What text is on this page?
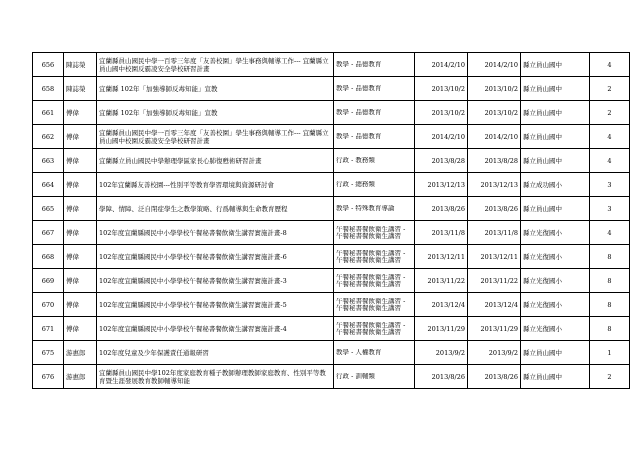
656	陳誌榮	宜蘭縣員山國民中學一百零三年度「友善校園」學生事務與輔導工作--- 宜蘭縣立員山國中校園反霸凌安全學校研習計畫	教學 - 品德教育	2014/2/10	2014/2/10	縣立員山國中	4
658	陳誌榮	宜蘭縣 102年「加強導師反毒知能」宣教	教學 - 品德教育	2013/10/2	2013/10/2	縣立員山國中	2
661	傅偉	宜蘭縣 102年「加強導師反毒知能」宣教	教學 - 品德教育	2013/10/2	2013/10/2	縣立員山國中	2
662	傅偉	宜蘭縣員山國民中學一百零三年度「友善校園」學生事務與輔導工作--- 宜蘭縣立員山國中校園反霸凌安全學校研習計畫	教學 - 品德教育	2014/2/10	2014/2/10	縣立員山國中	4
663	傅偉	宜蘭縣立員山國民中學辦理學區家長心肺復甦術研習計畫	行政 - 教務類	2013/8/28	2013/8/28	縣立員山國中	4
664	傅偉	102年宜蘭縣友善校園---性別平等教育學習環境與資源研討會	行政 - 總務類	2013/12/13	2013/12/13	縣立成功國小	3
665	傅偉	學障、情障、泛自閉症學生之教學策略、行爲輔導與生命教育歷程	教學 - 特殊教育導論	2013/8/26	2013/8/26	縣立員山國中	3
667	傅偉	102年度宜蘭縣國民中小學學校午餐秘書餐飲衛生講習實施計畫-8	午餐秘書餐飲衛生講習 - 午餐秘書餐飲衛生講習	2013/11/8	2013/11/8	縣立光復國小	4
668	傅偉	102年度宜蘭縣國民中小學學校午餐秘書餐飲衛生講習實施計畫-6	午餐秘書餐飲衛生講習 - 午餐秘書餐飲衛生講習	2013/12/11	2013/12/11	縣立光復國小	8
669	傅偉	102年度宜蘭縣國民中小學學校午餐秘書餐飲衛生講習實施計畫-3	午餐秘書餐飲衛生講習 - 午餐秘書餐飲衛生講習	2013/11/22	2013/11/22	縣立光復國小	8
670	傅偉	102年度宜蘭縣國民中小學學校午餐秘書餐飲衛生講習實施計畫-5	午餐秘書餐飲衛生講習 - 午餐秘書餐飲衛生講習	2013/12/4	2013/12/4	縣立光復國小	8
671	傅偉	102年度宜蘭縣國民中小學學校午餐秘書餐飲衛生講習實施計畫-4	午餐秘書餐飲衛生講習 - 午餐秘書餐飲衛生講習	2013/11/29	2013/11/29	縣立光復國小	8
675	游惠郎	102年度兒童及少年保護責任通報研習	教學 - 人權教育	2013/9/2	2013/9/2	縣立員山國中	1
676	游惠郎	宜蘭縣員山國民中學102年度家庭教育種子教師辦理教師家庭教育、性別平等教育暨生涯發展教育教師輔導知能	行政 - 訓輔類	2013/8/26	2013/8/26	縣立員山國中	2
